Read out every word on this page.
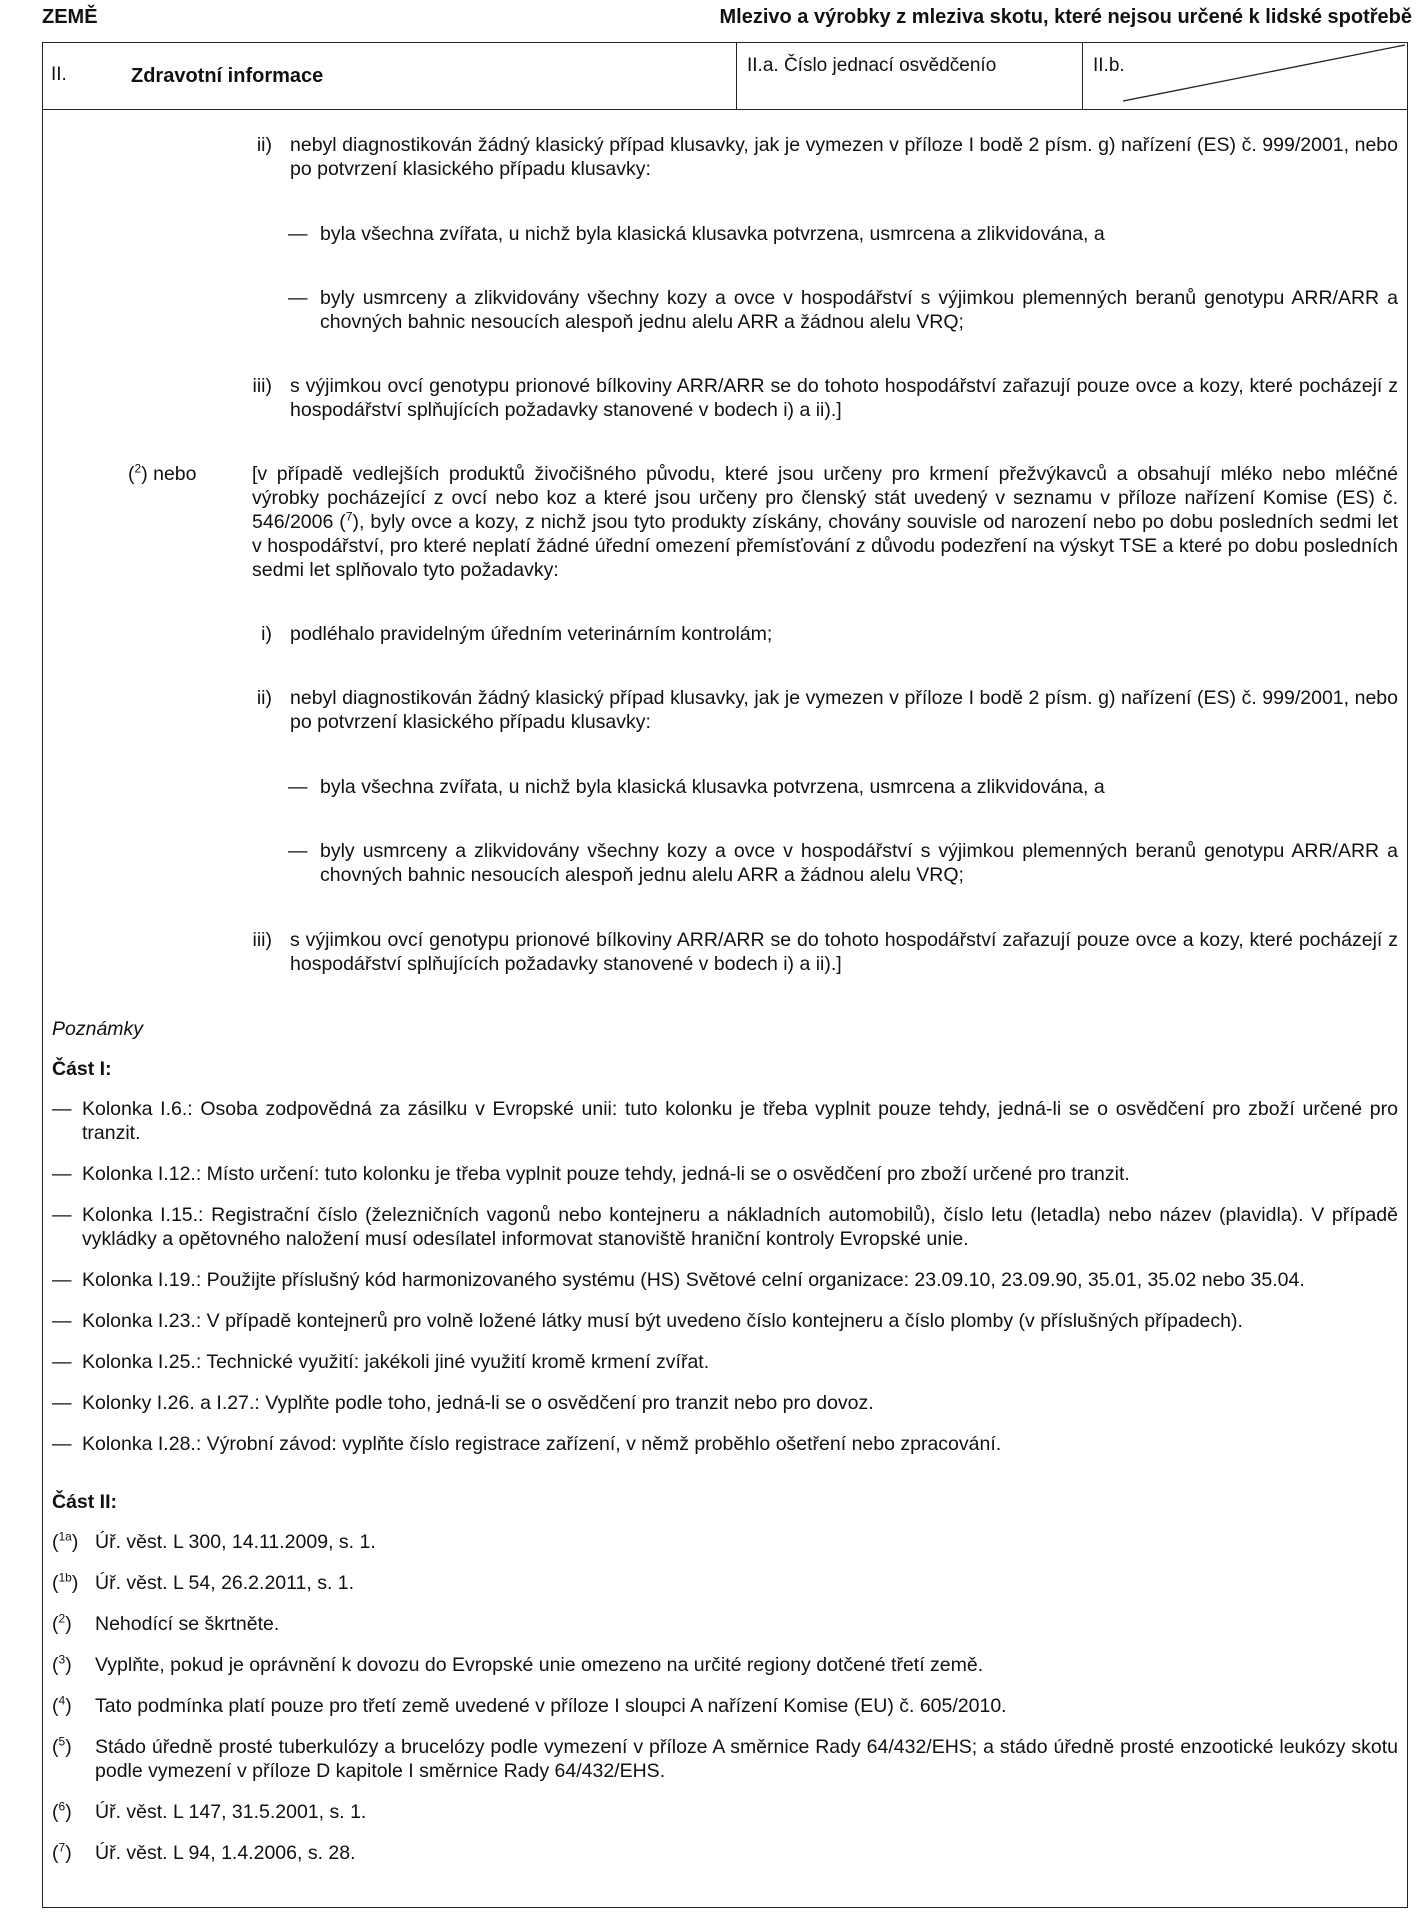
ZEMĚ	Mlezivo a výrobky z mleziva skotu, které nejsou určené k lidské spotřebě
II.	Zdravotní informace	II.a. Číslo jednací osvědčenío	II.b.
ii) nebyl diagnostikován žádný klasický případ klusavky, jak je vymezen v příloze I bodě 2 písm. g) nařízení (ES) č. 999/2001, nebo po potvrzení klasického případu klusavky:
— byla všechna zvířata, u nichž byla klasická klusavka potvrzena, usmrcena a zlikvidována, a
— byly usmrceny a zlikvidovány všechny kozy a ovce v hospodářství s výjimkou plemenných beranů genotypu ARR/ARR a chovných bahnic nesoucích alespoň jednu alelu ARR a žádnou alelu VRQ;
iii) s výjimkou ovcí genotypu prionové bílkoviny ARR/ARR se do tohoto hospodářství zařazují pouze ovce a kozy, které pocházejí z hospodářství splňujících požadavky stanovené v bodech i) a ii).]
($^2$) nebo	[v případě vedlejších produktů živočišného původu, které jsou určeny pro krmení přežvýkavců a obsahují mléko nebo mléčné výrobky pocházející z ovcí nebo koz a které jsou určeny pro členský stát uvedený v seznamu v příloze nařízení Komise (ES) č. 546/2006 ($^7$), byly ovce a kozy, z nichž jsou tyto produkty získány, chovány souvisle od narození nebo po dobu posledních sedmi let v hospodářství, pro které neplatí žádné úřední omezení přemísťování z důvodu podezření na výskyt TSE a které po dobu posledních sedmi let splňovalo tyto požadavky:
i) podléhalo pravidelným úředním veterinárním kontrolám;
ii) nebyl diagnostikován žádný klasický případ klusavky, jak je vymezen v příloze I bodě 2 písm. g) nařízení (ES) č. 999/2001, nebo po potvrzení klasického případu klusavky:
— byla všechna zvířata, u nichž byla klasická klusavka potvrzena, usmrcena a zlikvidována, a
— byly usmrceny a zlikvidovány všechny kozy a ovce v hospodářství s výjimkou plemenných beranů genotypu ARR/ARR a chovných bahnic nesoucích alespoň jednu alelu ARR a žádnou alelu VRQ;
iii) s výjimkou ovcí genotypu prionové bílkoviny ARR/ARR se do tohoto hospodářství zařazují pouze ovce a kozy, které pocházejí z hospodářství splňujících požadavky stanovené v bodech i) a ii).]
Poznámky
Část I:
— Kolonka I.6.: Osoba zodpovědná za zásilku v Evropské unii: tuto kolonku je třeba vyplnit pouze tehdy, jedná-li se o osvědčení pro zboží určené pro tranzit.
— Kolonka I.12.: Místo určení: tuto kolonku je třeba vyplnit pouze tehdy, jedná-li se o osvědčení pro zboží určené pro tranzit.
— Kolonka I.15.: Registrační číslo (železničních vagonů nebo kontejneru a nákladních automobilů), číslo letu (letadla) nebo název (plavidla). V případě vykládky a opětovného naložení musí odesílatel informovat stanoviště hraniční kontroly Evropské unie.
— Kolonka I.19.: Použijte příslušný kód harmonizovaného systému (HS) Světové celní organizace: 23.09.10, 23.09.90, 35.01, 35.02 nebo 35.04.
— Kolonka I.23.: V případě kontejnerů pro volně ložené látky musí být uvedeno číslo kontejneru a číslo plomby (v příslušných případech).
— Kolonka I.25.: Technické využití: jakékoli jiné využití kromě krmení zvířat.
— Kolonky I.26. a I.27.: Vyplňte podle toho, jedná-li se o osvědčení pro tranzit nebo pro dovoz.
— Kolonka I.28.: Výrobní závod: vyplňte číslo registrace zařízení, v němž proběhlo ošetření nebo zpracování.
Část II:
($^{1a}$) Úř. věst. L 300, 14.11.2009, s. 1.
($^{1b}$) Úř. věst. L 54, 26.2.2011, s. 1.
($^2$) Nehodící se škrtněte.
($^3$) Vyplňte, pokud je oprávnění k dovozu do Evropské unie omezeno na určité regiony dotčené třetí země.
($^4$) Tato podmínka platí pouze pro třetí země uvedené v příloze I sloupci A nařízení Komise (EU) č. 605/2010.
($^5$) Stádo úředně prosté tuberkulózy a brucelózy podle vymezení v příloze A směrnice Rady 64/432/EHS; a stádo úředně prosté enzootické leukózy skotu podle vymezení v příloze D kapitole I směrnice Rady 64/432/EHS.
($^6$) Úř. věst. L 147, 31.5.2001, s. 1.
($^7$) Úř. věst. L 94, 1.4.2006, s. 28.
